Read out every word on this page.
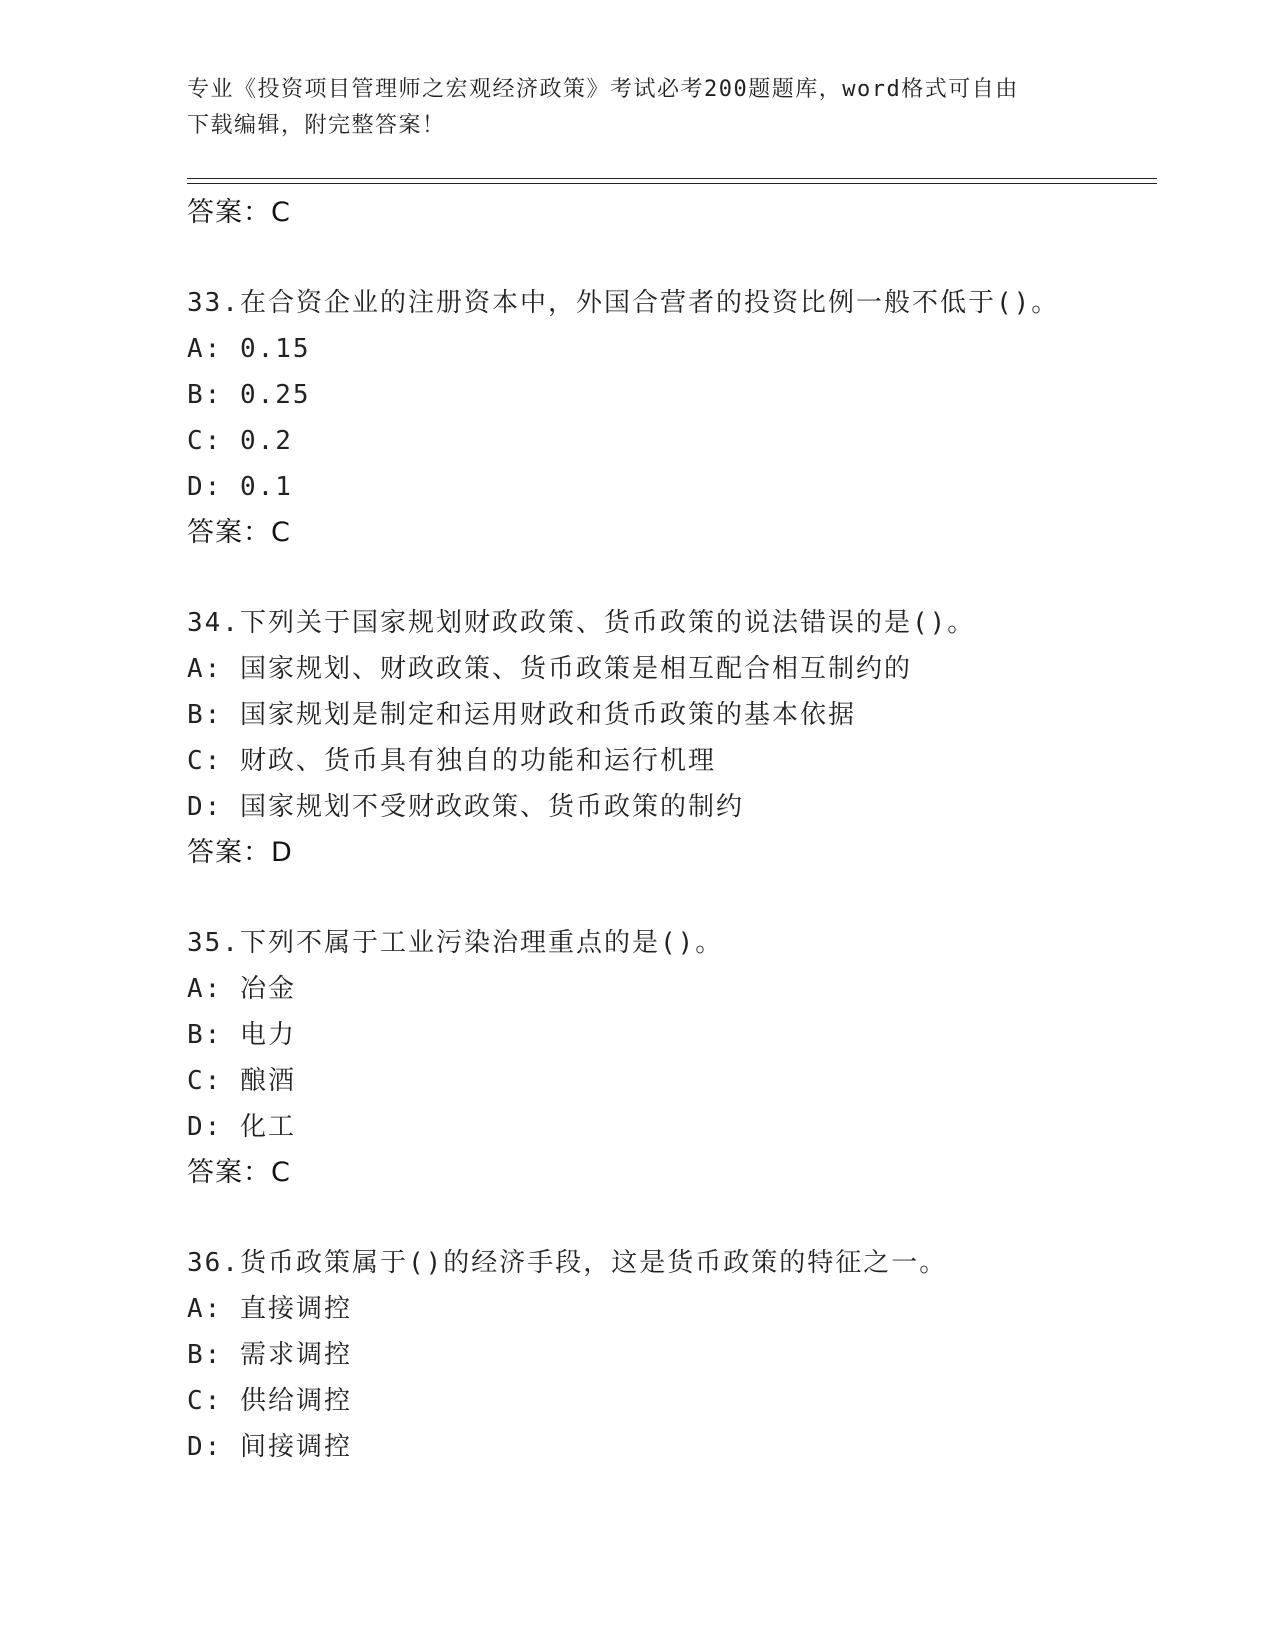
专业《投资项目管理师之宏观经济政策》考试必考200题题库，word格式可自由
下载编辑，附完整答案！
答案：C
33.在合资企业的注册资本中，外国合营者的投资比例一般不低于()。
A: 0.15
B: 0.25
C: 0.2
D: 0.1
答案：C
34.下列关于国家规划财政政策、货币政策的说法错误的是()。
A: 国家规划、财政政策、货币政策是相互配合相互制约的
B: 国家规划是制定和运用财政和货币政策的基本依据
C: 财政、货币具有独自的功能和运行机理
D: 国家规划不受财政政策、货币政策的制约
答案：D
35.下列不属于工业污染治理重点的是()。
A: 冶金
B: 电力
C: 酿酒
D: 化工
答案：C
36.货币政策属于()的经济手段，这是货币政策的特征之一。
A: 直接调控
B: 需求调控
C: 供给调控
D: 间接调控
